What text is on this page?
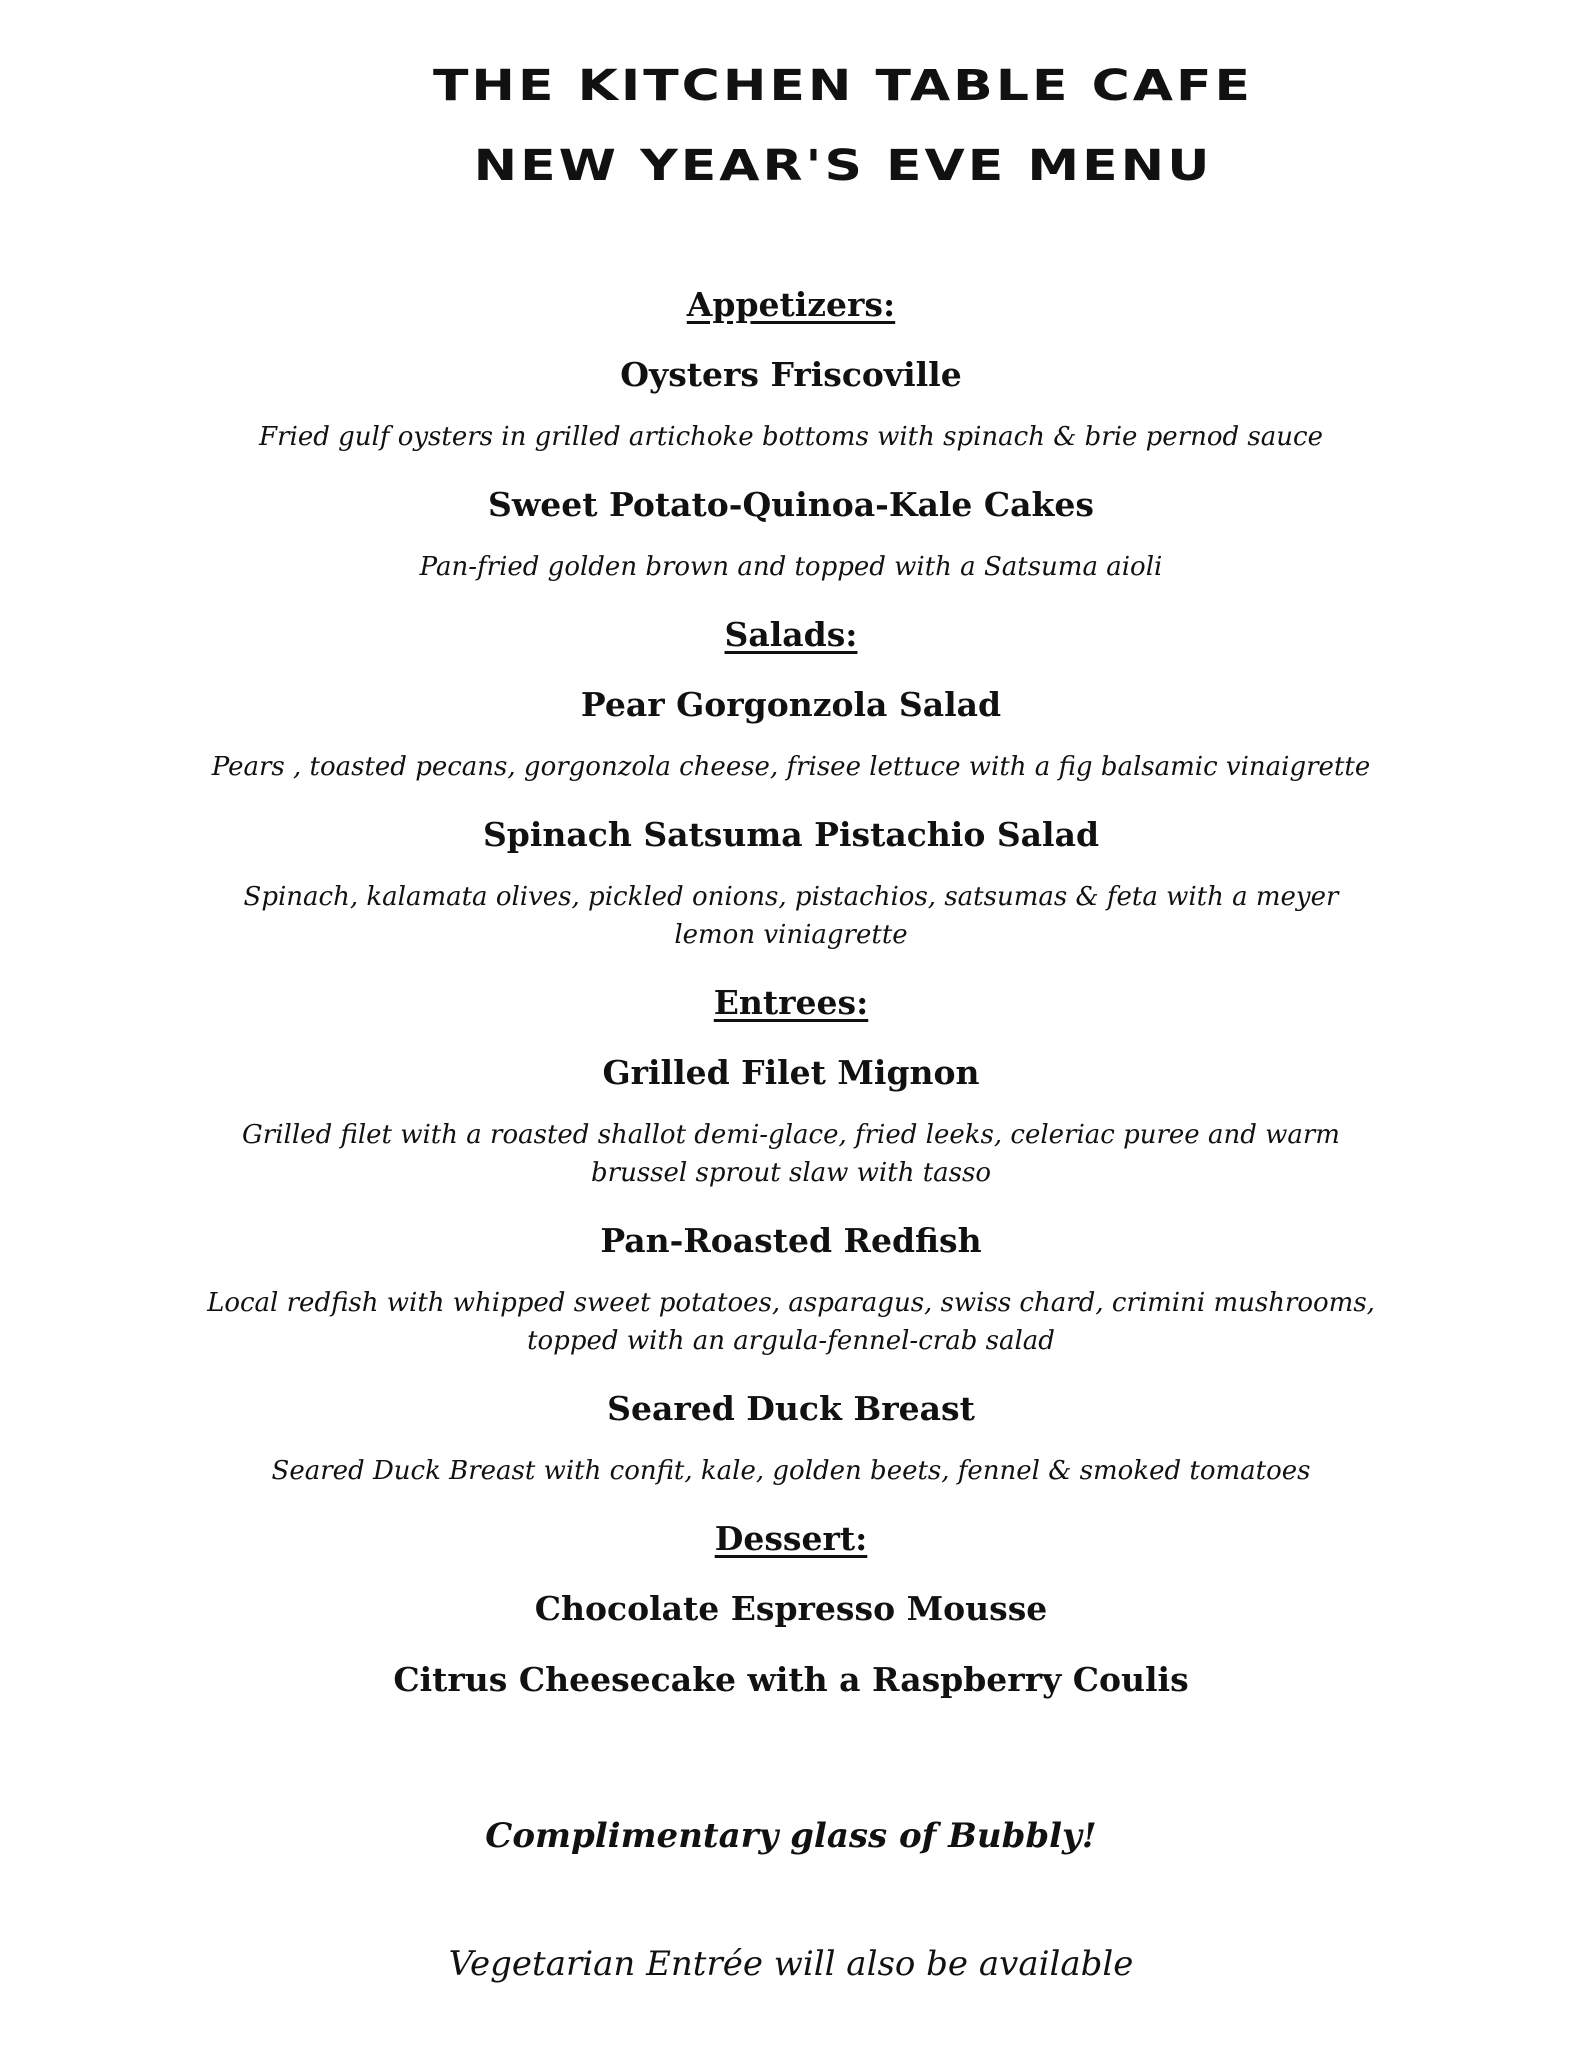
THE KITCHEN TABLE CAFE
NEW YEAR'S EVE MENU
Appetizers:
Oysters Friscoville
Fried gulf oysters in grilled artichoke bottoms with spinach & brie pernod sauce
Sweet Potato-Quinoa-Kale Cakes
Pan-fried golden brown and topped with a Satsuma aioli
Salads:
Pear Gorgonzola Salad
Pears , toasted pecans, gorgonzola cheese, frisee lettuce with a fig balsamic vinaigrette
Spinach Satsuma Pistachio Salad
Spinach, kalamata olives, pickled onions, pistachios, satsumas & feta with a meyer lemon viniagrette
Entrees:
Grilled Filet Mignon
Grilled filet with a roasted shallot demi-glace, fried leeks, celeriac puree and warm brussel sprout slaw with tasso
Pan-Roasted Redfish
Local redfish with whipped sweet potatoes, asparagus, swiss chard, crimini mushrooms, topped with an argula-fennel-crab salad
Seared Duck Breast
Seared Duck Breast with confit, kale, golden beets, fennel & smoked tomatoes
Dessert:
Chocolate Espresso Mousse
Citrus Cheesecake with a Raspberry Coulis
Complimentary glass of Bubbly!
Vegetarian Entrée will also be available
